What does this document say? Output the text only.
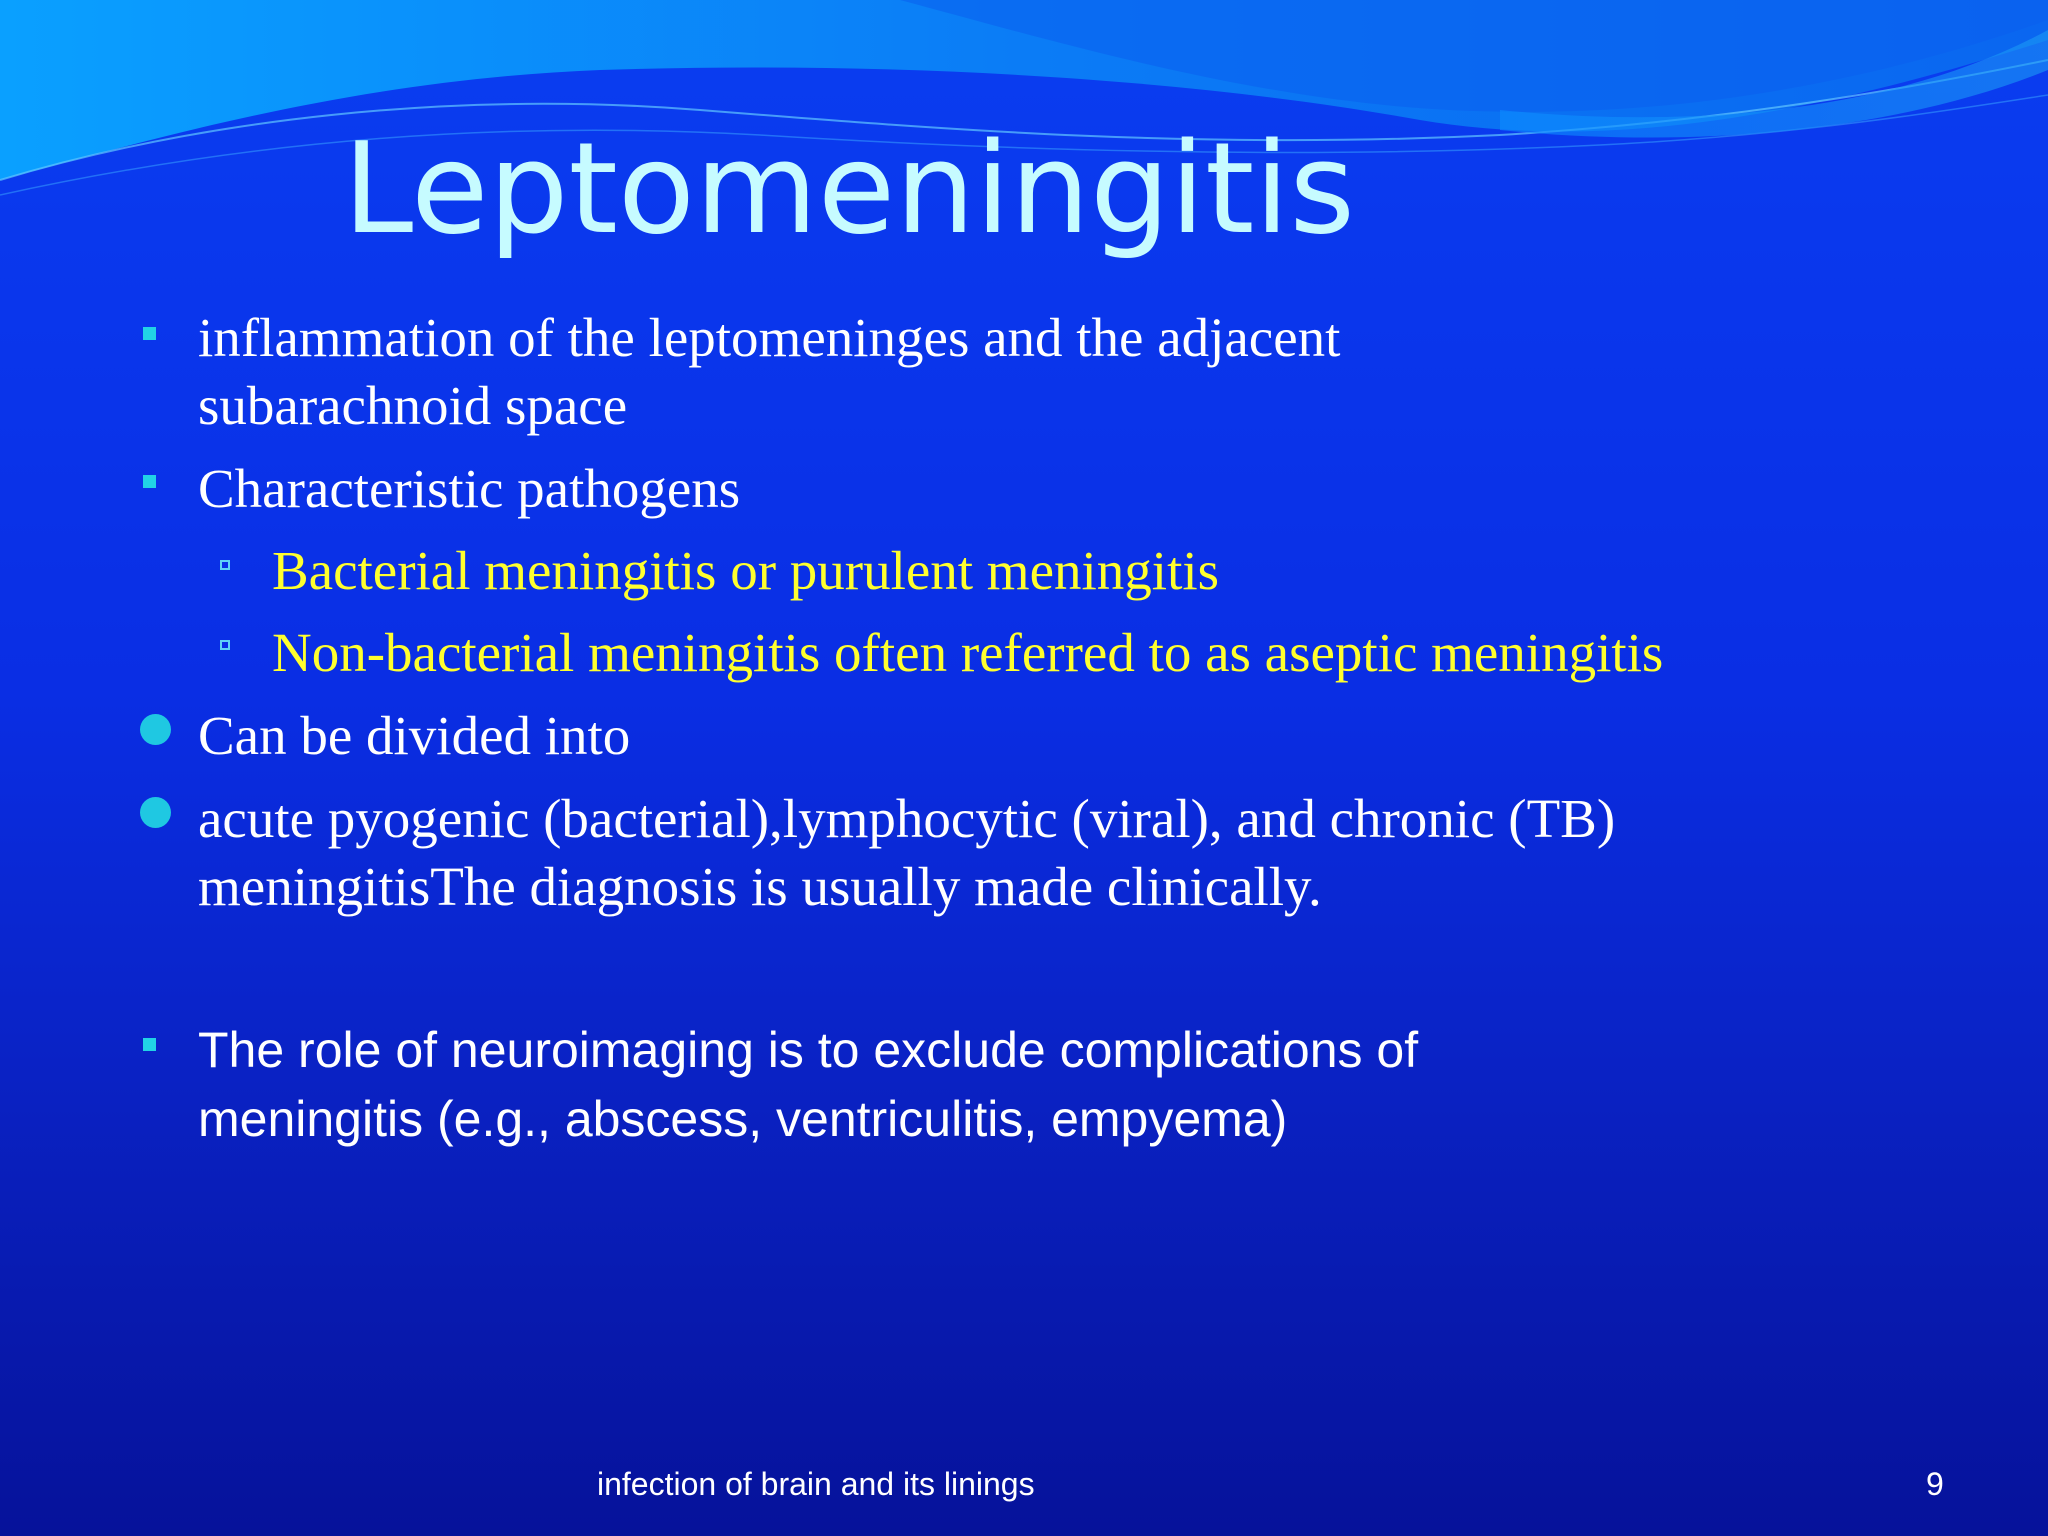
Leptomeningitis

inflammation of the leptomeninges and the adjacent

subarachnoid space

Characteristic pathogens

Bacterial meningitis or purulent meningitis

Non-bacterial meningitis often referred to as aseptic meningitis

Can be divided into

acute pyogenic (bacterial),lymphocytic (viral), and chronic (TB)

meningitisThe diagnosis is usually made clinically.

The role of neuroimaging is to exclude complications of

meningitis (e.g., abscess, ventriculitis, empyema)

infection of brain and its linings	9
